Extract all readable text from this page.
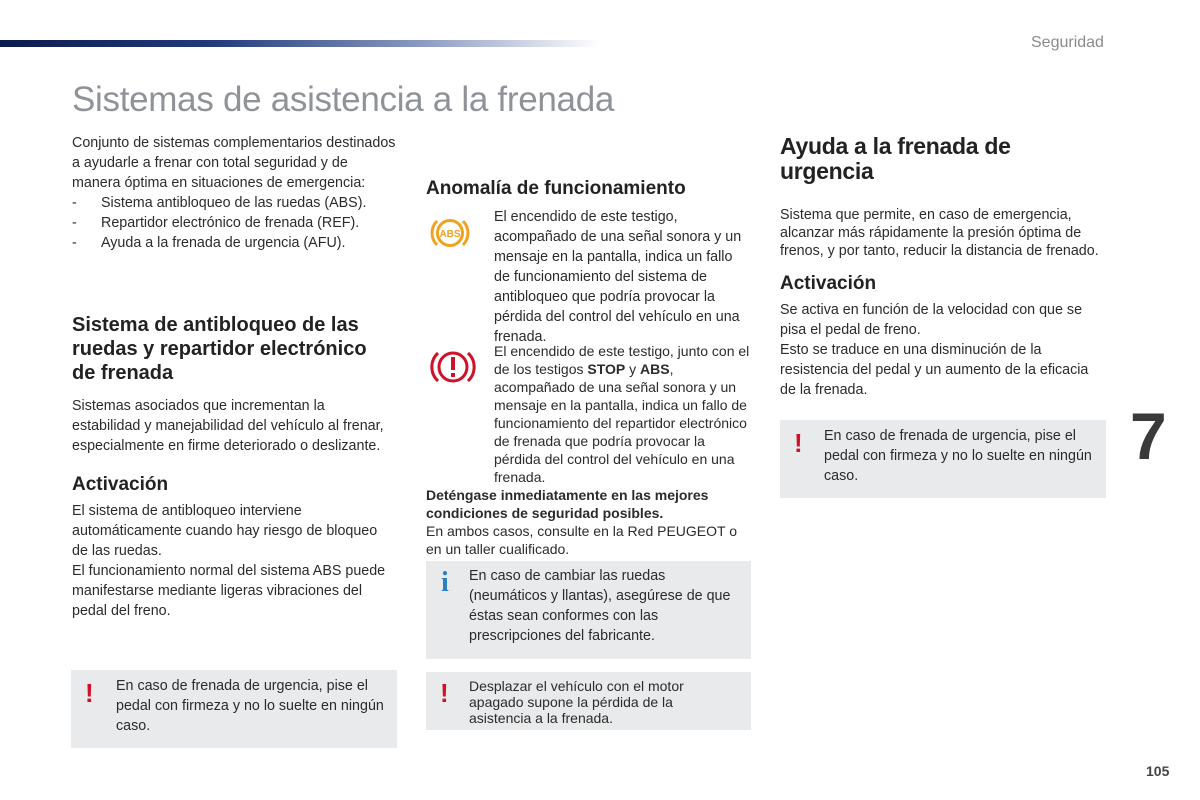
Seguridad
Sistemas de asistencia a la frenada

Conjunto de sistemas complementarios destinados a ayudarle a frenar con total seguridad y de manera óptima en situaciones de emergencia:

- Sistema antibloqueo de las ruedas (ABS).
- Repartidor electrónico de frenada (REF).
- Ayuda a la frenada de urgencia (AFU).
Sistema de antibloqueo de las ruedas y repartidor electrónico de frenada

Sistemas asociados que incrementan la estabilidad y manejabilidad del vehículo al frenar, especialmente en firme deteriorado o deslizante.

Activación

El sistema de antibloqueo interviene automáticamente cuando hay riesgo de bloqueo de las ruedas.

El funcionamiento normal del sistema ABS puede manifestarse mediante ligeras vibraciones del pedal del freno.

! En caso de frenada de urgencia, pise el pedal con firmeza y no lo suelte en ningún caso.
Anomalía de funcionamiento
ABS

El encendido de este testigo, acompañado de una señal sonora y un mensaje en la pantalla, indica un fallo de funcionamiento del sistema de antibloqueo que podría provocar la pérdida del control del vehículo en una frenada.

El encendido de este testigo, junto con el de los testigos STOP y ABS, acompañado de una señal sonora y un mensaje en la pantalla, indica un fallo de funcionamiento del repartidor electrónico de frenada que podría provocar la pérdida del control del vehículo en una frenada.

Deténgase inmediatamente en las mejores condiciones de seguridad posibles.

En ambos casos, consulte en la Red PEUGEOT o en un taller cualificado.

i En caso de cambiar las ruedas (neumáticos y llantas), asegúrese de que éstas sean conformes con las prescripciones del fabricante.
! Desplazar el vehículo con el motor apagado supone la pérdida de la asistencia a la frenada.
Ayuda a la frenada de urgencia

Sistema que permite, en caso de emergencia, alcanzar más rápidamente la presión óptima de frenos, y por tanto, reducir la distancia de frenado.

Activación

Se activa en función de la velocidad con que se pisa el pedal de freno.

Esto se traduce en una disminución de la resistencia del pedal y un aumento de la eficacia de la frenada.

! En caso de frenada de urgencia, pise el pedal con firmeza y no lo suelte en ningún caso.
7
105
